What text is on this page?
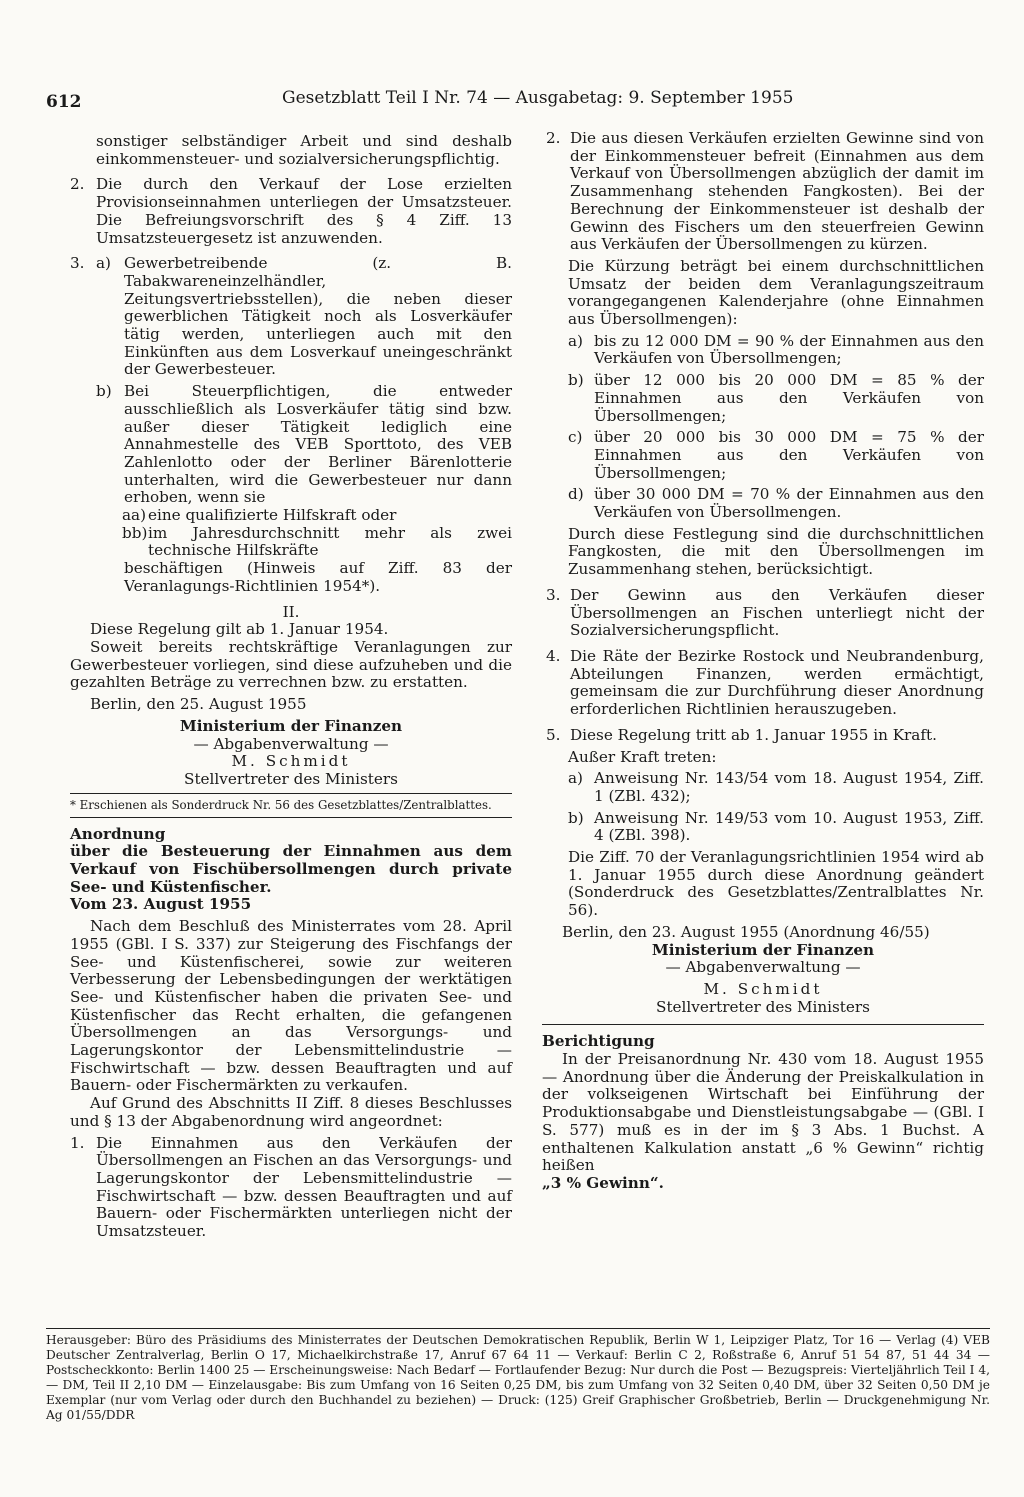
612	Gesetzblatt Teil I Nr. 74 — Ausgabetag: 9. September 1955

sonstiger selbständiger Arbeit und sind deshalb einkommensteuer- und sozialversicherungspflichtig.

2. Die durch den Verkauf der Lose erzielten Provisionseinnahmen unterliegen der Umsatzsteuer. Die Befreiungsvorschrift des § 4 Ziff. 13 Umsatzsteuergesetz ist anzuwenden.

3. a) Gewerbetreibende (z. B. Tabakwareneinzelhändler, Zeitungsvertriebsstellen), die neben dieser gewerblichen Tätigkeit noch als Losverkäufer tätig werden, unterliegen auch mit den Einkünften aus dem Losverkauf uneingeschränkt der Gewerbesteuer.

b) Bei Steuerpflichtigen, die entweder ausschließlich als Losverkäufer tätig sind bzw. außer dieser Tätigkeit lediglich eine Annahmestelle des VEB Sporttoto, des VEB Zahlenlotto oder der Berliner Bärenlotterie unterhalten, wird die Gewerbesteuer nur dann erhoben, wenn sie

aa) eine qualifizierte Hilfskraft oder

bb) im Jahresdurchschnitt mehr als zwei technische Hilfskräfte

beschäftigen (Hinweis auf Ziff. 83 der Veranlagungs-Richtlinien 1954*).

II.

Diese Regelung gilt ab 1. Januar 1954.

Soweit bereits rechtskräftige Veranlagungen zur Gewerbesteuer vorliegen, sind diese aufzuheben und die gezahlten Beträge zu verrechnen bzw. zu erstatten.

Berlin, den 25. August 1955

Ministerium der Finanzen

— Abgabenverwaltung —

M. Schmidt

Stellvertreter des Ministers

* Erschienen als Sonderdruck Nr. 56 des Gesetzblattes/Zentralblattes.

Anordnung

über die Besteuerung der Einnahmen aus dem Verkauf von Fischübersollmengen durch private See- und Küstenfischer.

Vom 23. August 1955

Nach dem Beschluß des Ministerrates vom 28. April 1955 (GBl. I S. 337) zur Steigerung des Fischfangs der See- und Küstenfischerei, sowie zur weiteren Verbesserung der Lebensbedingungen der werktätigen See- und Küstenfischer haben die privaten See- und Küstenfischer das Recht erhalten, die gefangenen Übersollmengen an das Versorgungs- und Lagerungskontor der Lebensmittelindustrie — Fischwirtschaft — bzw. dessen Beauftragten und auf Bauern- oder Fischermärkten zu verkaufen.

Auf Grund des Abschnitts II Ziff. 8 dieses Beschlusses und § 13 der Abgabenordnung wird angeordnet:

1. Die Einnahmen aus den Verkäufen der Übersollmengen an Fischen an das Versorgungs- und Lagerungskontor der Lebensmittelindustrie — Fischwirtschaft — bzw. dessen Beauftragten und auf Bauern- oder Fischermärkten unterliegen nicht der Umsatzsteuer.

2. Die aus diesen Verkäufen erzielten Gewinne sind von der Einkommensteuer befreit (Einnahmen aus dem Verkauf von Übersollmengen abzüglich der damit im Zusammenhang stehenden Fangkosten). Bei der Berechnung der Einkommensteuer ist deshalb der Gewinn des Fischers um den steuerfreien Gewinn aus Verkäufen der Übersollmengen zu kürzen.

Die Kürzung beträgt bei einem durchschnittlichen Umsatz der beiden dem Veranlagungszeitraum vorangegangenen Kalenderjahre (ohne Einnahmen aus Übersollmengen):

a) bis zu 12 000 DM = 90 % der Einnahmen aus den Verkäufen von Übersollmengen;

b) über 12 000 bis 20 000 DM = 85 % der Einnahmen aus den Verkäufen von Übersollmengen;

c) über 20 000 bis 30 000 DM = 75 % der Einnahmen aus den Verkäufen von Übersollmengen;

d) über 30 000 DM = 70 % der Einnahmen aus den Verkäufen von Übersollmengen.

Durch diese Festlegung sind die durchschnittlichen Fangkosten, die mit den Übersollmengen im Zusammenhang stehen, berücksichtigt.

3. Der Gewinn aus den Verkäufen dieser Übersollmengen an Fischen unterliegt nicht der Sozialversicherungspflicht.

4. Die Räte der Bezirke Rostock und Neubrandenburg, Abteilungen Finanzen, werden ermächtigt, gemeinsam die zur Durchführung dieser Anordnung erforderlichen Richtlinien herauszugeben.

5. Diese Regelung tritt ab 1. Januar 1955 in Kraft.

Außer Kraft treten:

a) Anweisung Nr. 143/54 vom 18. August 1954, Ziff. 1 (ZBl. 432);

b) Anweisung Nr. 149/53 vom 10. August 1953, Ziff. 4 (ZBl. 398).

Die Ziff. 70 der Veranlagungsrichtlinien 1954 wird ab 1. Januar 1955 durch diese Anordnung geändert (Sonderdruck des Gesetzblattes/Zentralblattes Nr. 56).

Berlin, den 23. August 1955 (Anordnung 46/55)

Ministerium der Finanzen

— Abgabenverwaltung —

M. Schmidt

Stellvertreter des Ministers

Berichtigung

In der Preisanordnung Nr. 430 vom 18. August 1955 — Anordnung über die Änderung der Preiskalkulation in der volkseigenen Wirtschaft bei Einführung der Produktionsabgabe und Dienstleistungsabgabe — (GBl. I S. 577) muß es in der im § 3 Abs. 1 Buchst. A enthaltenen Kalkulation anstatt „6 % Gewinn“ richtig heißen

„3 % Gewinn“.

Herausgeber: Büro des Präsidiums des Ministerrates der Deutschen Demokratischen Republik, Berlin W 1, Leipziger Platz, Tor 16 — Verlag (4) VEB Deutscher Zentralverlag, Berlin O 17, Michaelkirchstraße 17, Anruf 67 64 11 — Verkauf: Berlin C 2, Roßstraße 6, Anruf 51 54 87, 51 44 34 — Postscheckkonto: Berlin 1400 25 — Erscheinungsweise: Nach Bedarf — Fortlaufender Bezug: Nur durch die Post — Bezugspreis: Vierteljährlich Teil I 4,— DM, Teil II 2,10 DM — Einzelausgabe: Bis zum Umfang von 16 Seiten 0,25 DM, bis zum Umfang von 32 Seiten 0,40 DM, über 32 Seiten 0,50 DM je Exemplar (nur vom Verlag oder durch den Buchhandel zu beziehen) — Druck: (125) Greif Graphischer Großbetrieb, Berlin — Druckgenehmigung Nr. Ag 01/55/DDR
